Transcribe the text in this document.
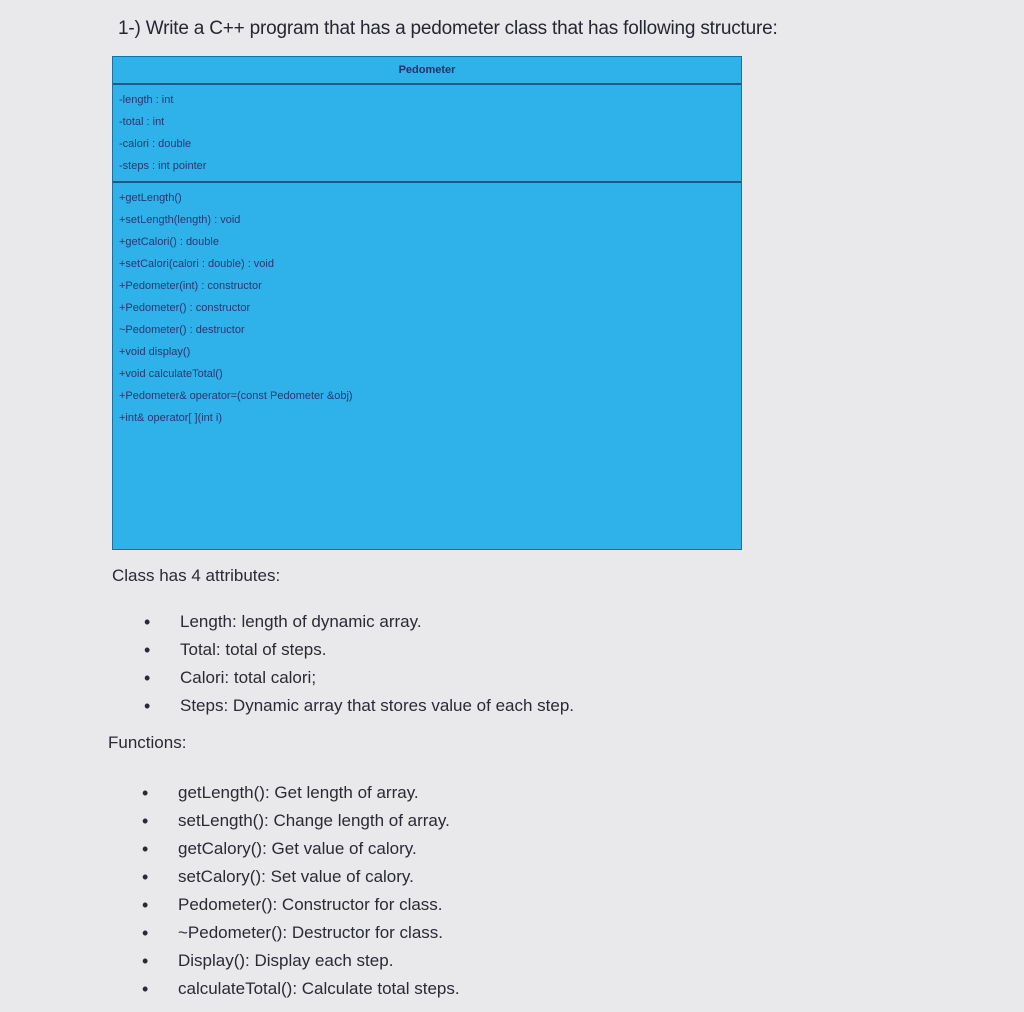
1-) Write a C++ program that has a pedometer class that has following structure:
Pedometer
-length : int
-total : int
-calori : double
-steps : int pointer
+getLength()
+setLength(length) : void
+getCalori() : double
+setCalori(calori : double) : void
+Pedometer(int) : constructor
+Pedometer() : constructor
~Pedometer() : destructor
+void display()
+void calculateTotal()
+Pedometer& operator=(const Pedometer &obj)
+int& operator[ ](int i)
Class has 4 attributes:
• Length: length of dynamic array.
• Total: total of steps.
• Calori: total calori;
• Steps: Dynamic array that stores value of each step.
Functions:
• getLength(): Get length of array.
• setLength(): Change length of array.
• getCalory(): Get value of calory.
• setCalory(): Set value of calory.
• Pedometer(): Constructor for class.
• ~Pedometer(): Destructor for class.
• Display(): Display each step.
• calculateTotal(): Calculate total steps.
